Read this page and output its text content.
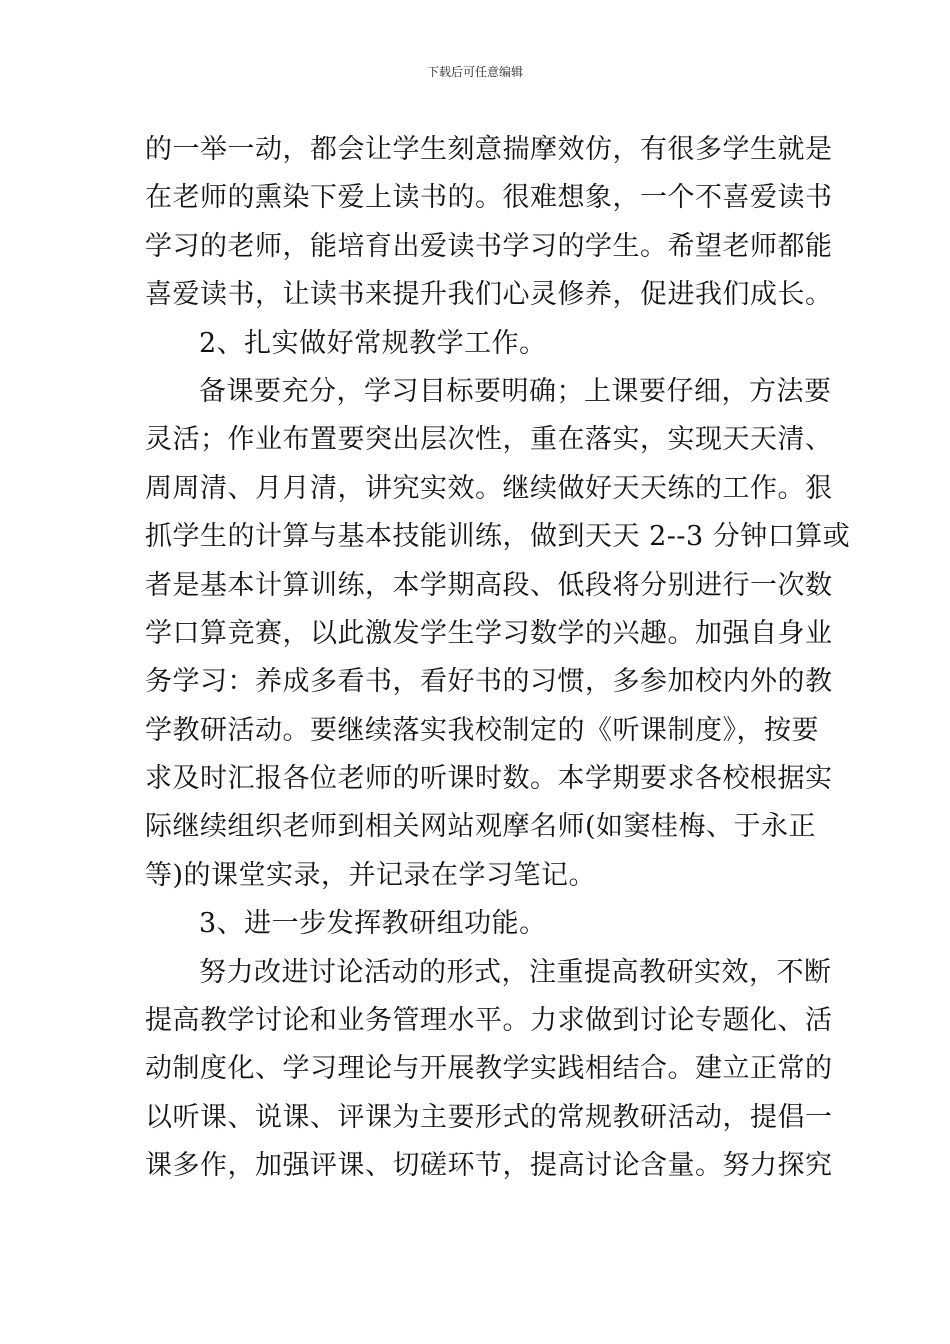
下载后可任意编辑
的一举一动，都会让学生刻意揣摩效仿，有很多学生就是
在老师的熏染下爱上读书的。很难想象，一个不喜爱读书
学习的老师，能培育出爱读书学习的学生。希望老师都能
喜爱读书，让读书来提升我们心灵修养，促进我们成长。
2、扎实做好常规教学工作。
备课要充分，学习目标要明确；上课要仔细，方法要
灵活；作业布置要突出层次性，重在落实，实现天天清、
周周清、月月清，讲究实效。继续做好天天练的工作。狠
抓学生的计算与基本技能训练，做到天天 2--3 分钟口算或
者是基本计算训练，本学期高段、低段将分别进行一次数
学口算竞赛，以此激发学生学习数学的兴趣。加强自身业
务学习：养成多看书，看好书的习惯，多参加校内外的教
学教研活动。要继续落实我校制定的《听课制度》，按要
求及时汇报各位老师的听课时数。本学期要求各校根据实
际继续组织老师到相关网站观摩名师(如窦桂梅、于永正
等)的课堂实录，并记录在学习笔记。
3、进一步发挥教研组功能。
努力改进讨论活动的形式，注重提高教研实效，不断
提高教学讨论和业务管理水平。力求做到讨论专题化、活
动制度化、学习理论与开展教学实践相结合。建立正常的
以听课、说课、评课为主要形式的常规教研活动，提倡一
课多作，加强评课、切磋环节，提高讨论含量。努力探究
